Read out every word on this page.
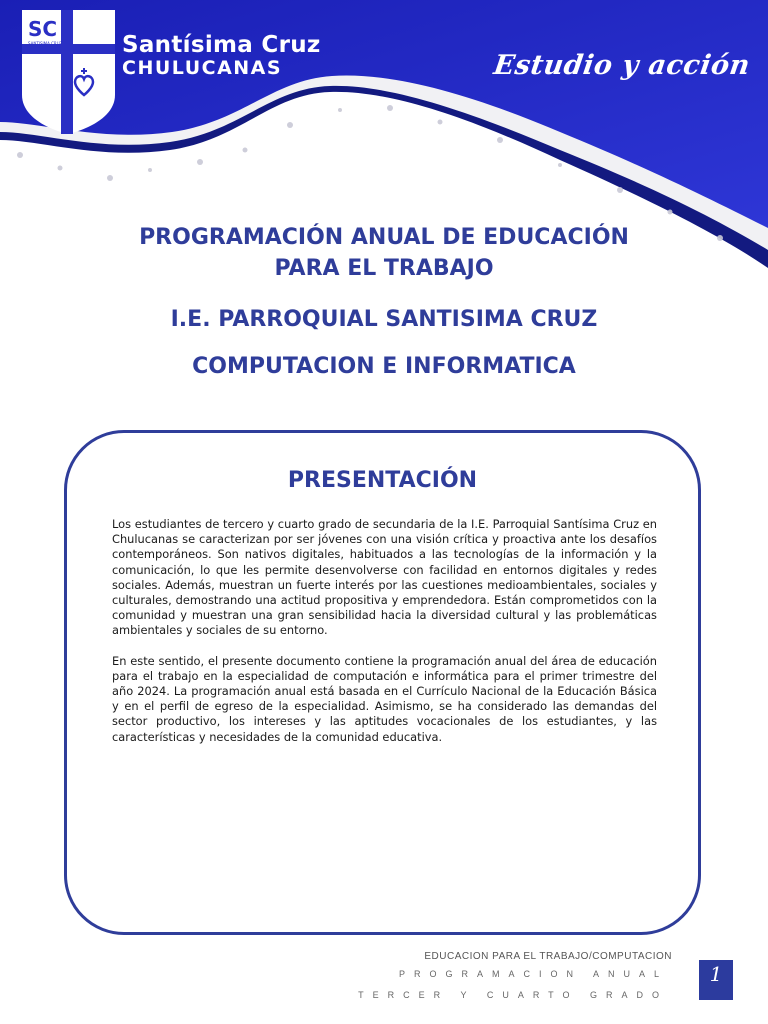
SC
SANTISIMA CRUZ	Santísima Cruz
CHULUCANAS	Estudio y acción
PROGRAMACIÓN ANUAL DE EDUCACIÓN
PARA EL TRABAJO
I.E. PARROQUIAL SANTISIMA CRUZ
COMPUTACION E INFORMATICA
PRESENTACIÓN

Los estudiantes de tercero y cuarto grado de secundaria de la I.E. Parroquial Santísima Cruz en Chulucanas se caracterizan por ser jóvenes con una visión crítica y proactiva ante los desafíos contemporáneos. Son nativos digitales, habituados a las tecnologías de la información y la comunicación, lo que les permite desenvolverse con facilidad en entornos digitales y redes sociales. Además, muestran un fuerte interés por las cuestiones medioambientales, sociales y culturales, demostrando una actitud propositiva y emprendedora. Están comprometidos con la comunidad y muestran una gran sensibilidad hacia la diversidad cultural y las problemáticas ambientales y sociales de su entorno.

En este sentido, el presente documento contiene la programación anual del área de educación para el trabajo en la especialidad de computación e informática para el primer trimestre del año 2024. La programación anual está basada en el Currículo Nacional de la Educación Básica y en el perfil de egreso de la especialidad. Asimismo, se ha considerado las demandas del sector productivo, los intereses y las aptitudes vocacionales de los estudiantes, y las características y necesidades de la comunidad educativa.

EDUCACION PARA EL TRABAJO/COMPUTACION
PROGRAMACION ANUAL
TERCER Y CUARTO GRADO
1
